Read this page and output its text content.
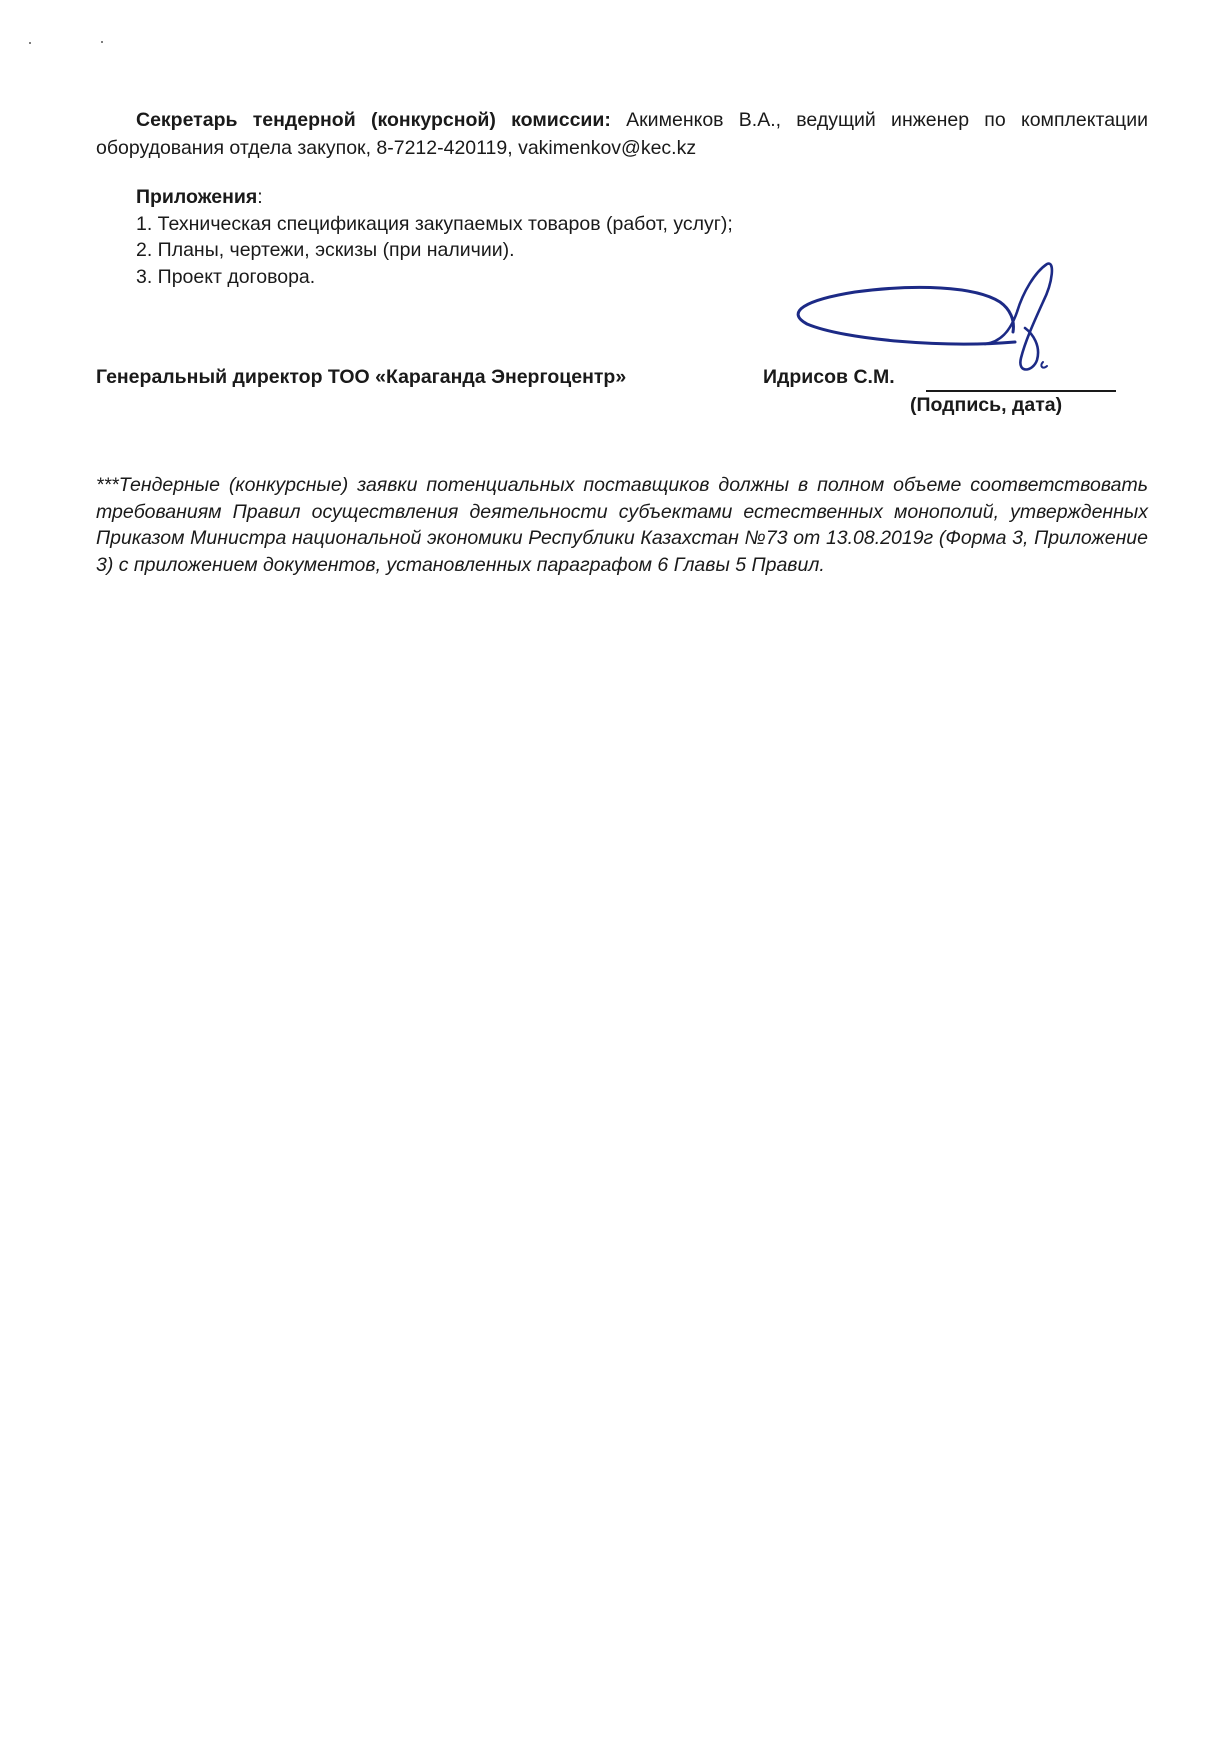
Секретарь тендерной (конкурсной) комиссии: Акименков В.А., ведущий инженер по комплектации оборудования отдела закупок, 8-7212-420119, vakimenkov@kec.kz

Приложения:
1. Техническая спецификация закупаемых товаров (работ, услуг);
2. Планы, чертежи, эскизы (при наличии).
3. Проект договора.
Генеральный директор ТОО «Караганда Энергоцентр»	Идрисов С.М.
(Подпись, дата)

***Тендерные (конкурсные) заявки потенциальных поставщиков должны в полном объеме соответствовать требованиям Правил осуществления деятельности субъектами естественных монополий, утвержденных Приказом Министра национальной экономики Республики Казахстан №73 от 13.08.2019г (Форма 3, Приложение 3) с приложением документов, установленных параграфом 6 Главы 5 Правил.
